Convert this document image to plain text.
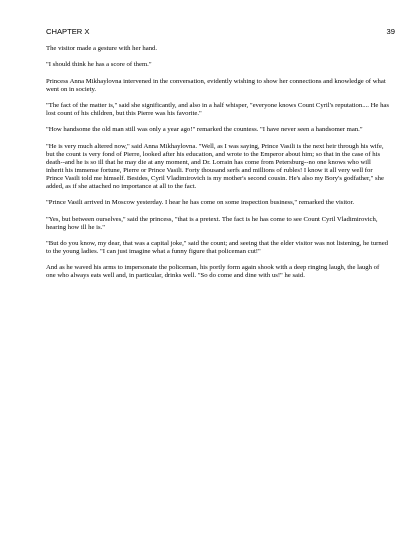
CHAPTER X	39

The visitor made a gesture with her hand.

"I should think he has a score of them."

Princess Anna Mikhaylovna intervened in the conversation, evidently wishing to show her connections and knowledge of what went on in society.

"The fact of the matter is," said she significantly, and also in a half whisper, "everyone knows Count Cyril's reputation.... He has lost count of his children, but this Pierre was his favorite."

"How handsome the old man still was only a year ago!" remarked the countess. "I have never seen a handsomer man."

"He is very much altered now," said Anna Mikhaylovna. "Well, as I was saying, Prince Vasili is the next heir through his wife, but the count is very fond of Pierre, looked after his education, and wrote to the Emperor about him; so that in the case of his death--and he is so ill that he may die at any moment, and Dr. Lorrain has come from Petersburg--no one knows who will inherit his immense fortune, Pierre or Prince Vasili. Forty thousand serfs and millions of rubles! I know it all very well for Prince Vasili told me himself. Besides, Cyril Vladimirovich is my mother's second cousin. He's also my Bory's godfather," she added, as if she attached no importance at all to the fact.

"Prince Vasili arrived in Moscow yesterday. I hear he has come on some inspection business," remarked the visitor.

"Yes, but between ourselves," said the princess, "that is a pretext. The fact is he has come to see Count Cyril Vladimirovich, hearing how ill he is."

"But do you know, my dear, that was a capital joke," said the count; and seeing that the elder visitor was not listening, he turned to the young ladies. "I can just imagine what a funny figure that policeman cut!"

And as he waved his arms to impersonate the policeman, his portly form again shook with a deep ringing laugh, the laugh of one who always eats well and, in particular, drinks well. "So do come and dine with us!" he said.
